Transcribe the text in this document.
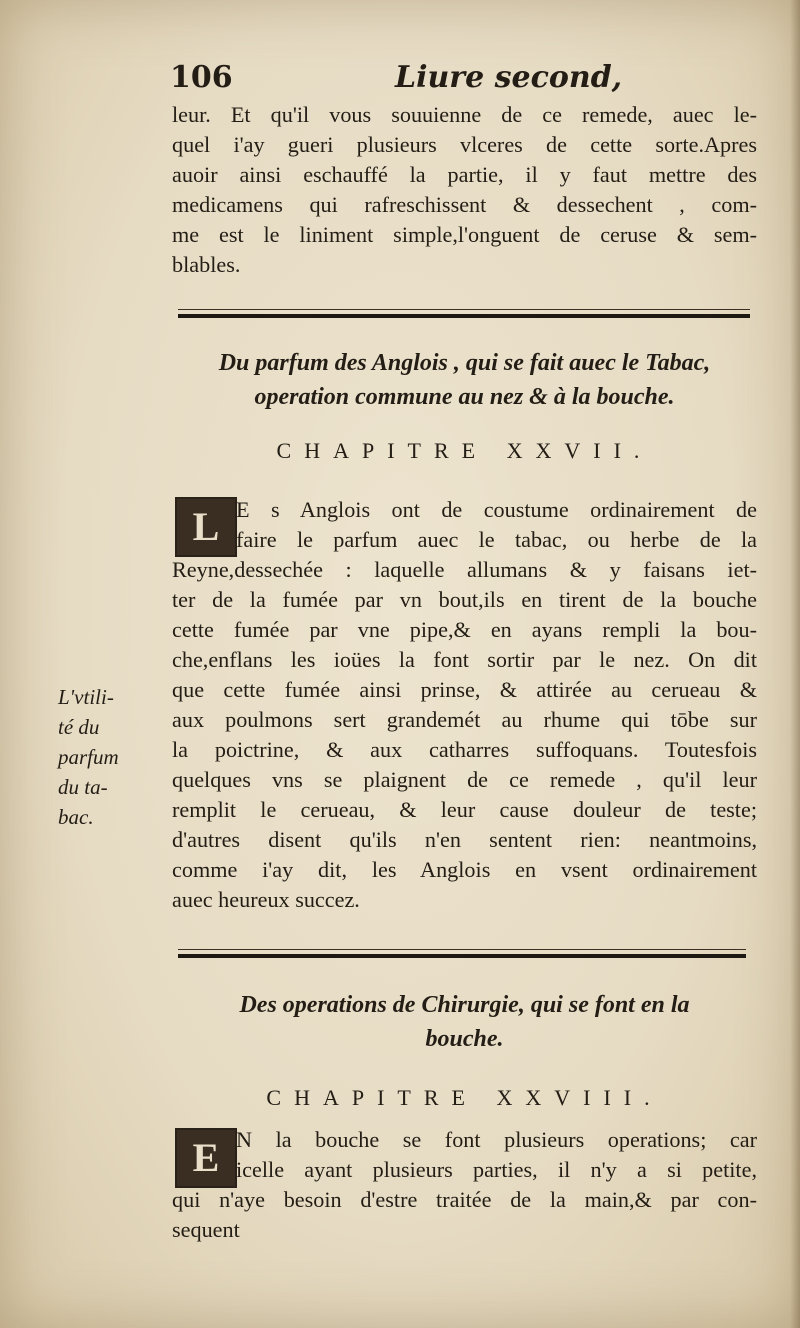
106	Liure second,
leur. Et qu'il vous souuienne de ce remede, auec le-
quel i'ay gueri plusieurs vlceres de cette sorte.Apres
auoir ainsi eschauffé la partie, il y faut mettre des
medicamens qui rafreschissent & dessechent , com-
me est le liniment simple,l'onguent de ceruse & sem-
blables.
Du parfum des Anglois , qui se fait auec le Tabac,
operation commune au nez & à la bouche.
CHAPITRE XXVII.
L E s Anglois ont de coustume ordinairement de
faire le parfum auec le tabac, ou herbe de la
Reyne,dessechée : laquelle allumans & y faisans iet-
ter de la fumée par vn bout,ils en tirent de la bouche
cette fumée par vne pipe,& en ayans rempli la bou-
che,enflans les ioües la font sortir par le nez. On dit
que cette fumée ainsi prinse, & attirée au cerueau &
aux poulmons sert grandemét au rhume qui tōbe sur
la poictrine, & aux catharres suffoquans. Toutesfois
quelques vns se plaignent de ce remede , qu'il leur
remplit le cerueau, & leur cause douleur de teste;
d'autres disent qu'ils n'en sentent rien: neantmoins,
comme i'ay dit, les Anglois en vsent ordinairement
auec heureux succez.
L'vtili-
té du
parfum
du ta-
bac.
Des operations de Chirurgie, qui se font en la
bouche.
CHAPITRE XXVIII.
E N la bouche se font plusieurs operations; car
icelle ayant plusieurs parties, il n'y a si petite,
qui n'aye besoin d'estre traitée de la main,& par con-
sequent
